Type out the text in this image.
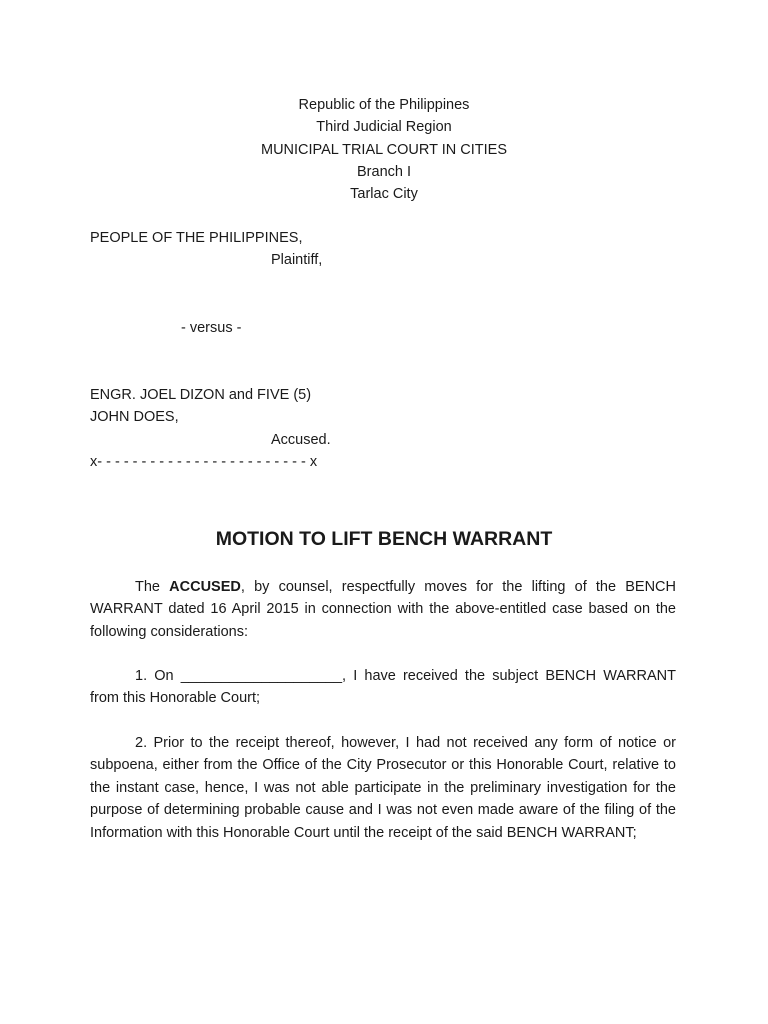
Republic of the Philippines
Third Judicial Region
MUNICIPAL TRIAL COURT IN CITIES
Branch I
Tarlac City
PEOPLE OF THE PHILIPPINES,
Plaintiff,
- versus -
ENGR. JOEL DIZON and FIVE (5)
JOHN DOES,
Accused.
x- - - - - - - - - - - - - - - - - - - - - - - - x
MOTION TO LIFT BENCH WARRANT
The ACCUSED, by counsel, respectfully moves for the lifting of the BENCH WARRANT dated 16 April 2015 in connection with the above-entitled case based on the following considerations:
1. On ____________________, I have received the subject BENCH WARRANT from this Honorable Court;
2. Prior to the receipt thereof, however, I had not received any form of notice or subpoena, either from the Office of the City Prosecutor or this Honorable Court, relative to the instant case, hence, I was not able participate in the preliminary investigation for the purpose of determining probable cause and I was not even made aware of the filing of the Information with this Honorable Court until the receipt of the said BENCH WARRANT;
